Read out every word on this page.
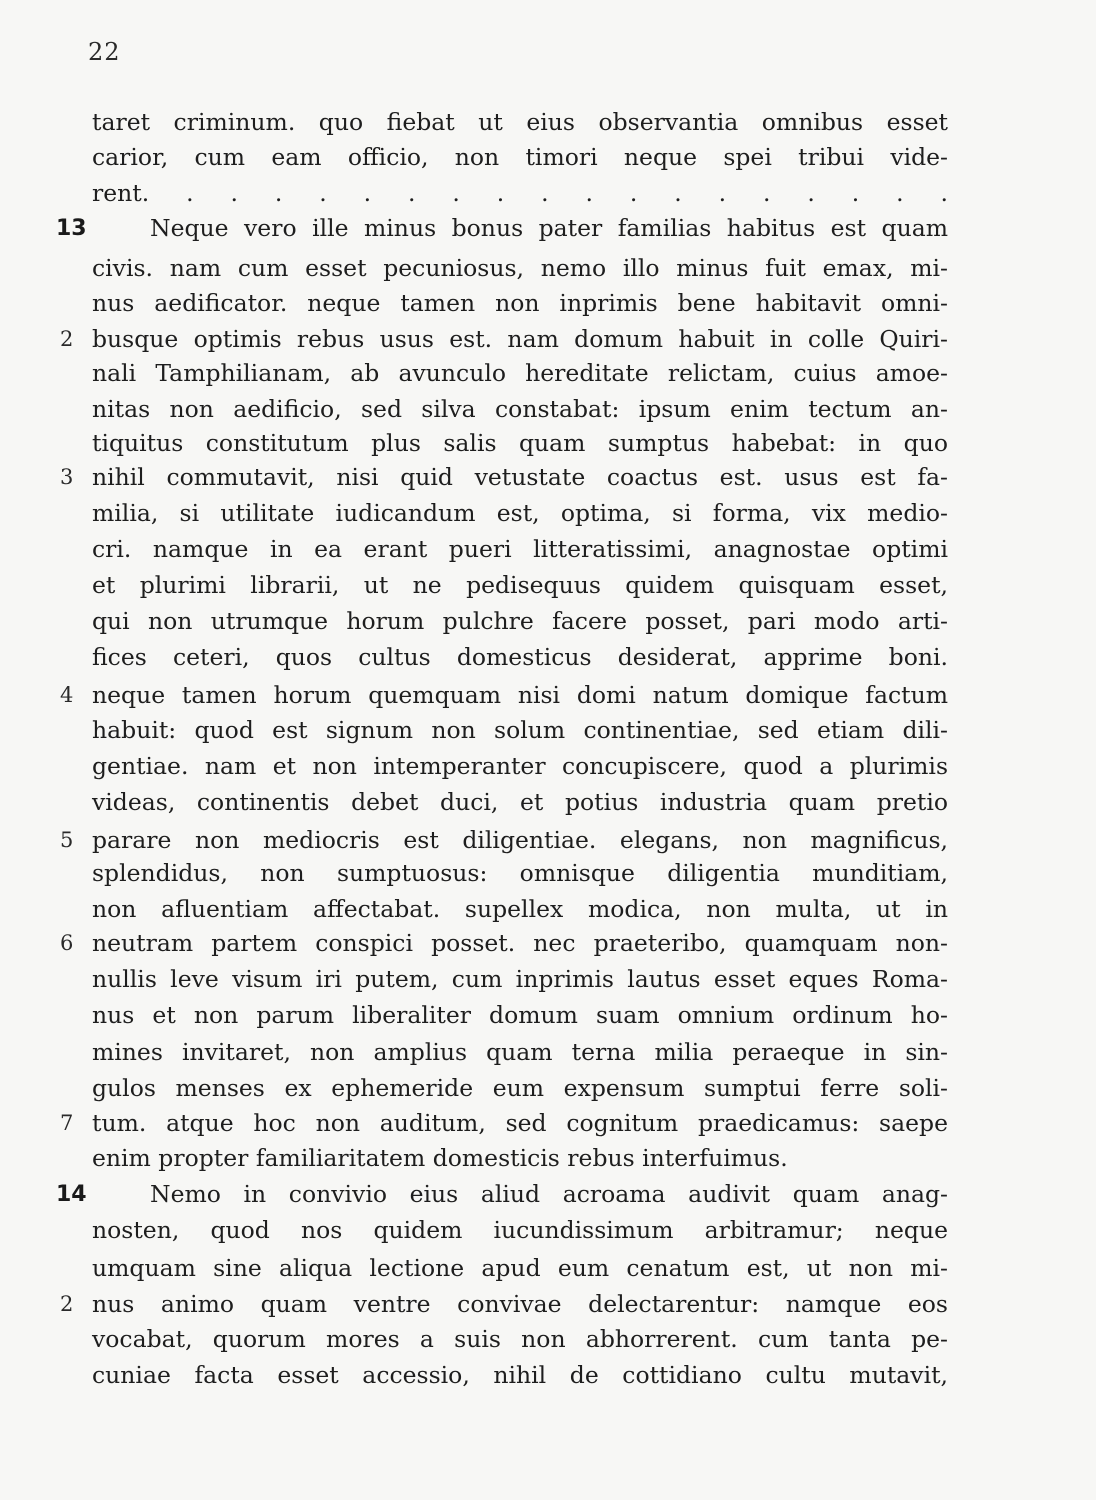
22
13
14
2
3
4
5
6
7
2
taret criminum. quo fiebat ut eius observantia omnibus esset
carior, cum eam officio, non timori neque spei tribui vide-
rent. . . . . . . . . . . . . . . . . . .
Neque vero ille minus bonus pater familias habitus est quam
civis. nam cum esset pecuniosus, nemo illo minus fuit emax, mi-
nus aedificator. neque tamen non inprimis bene habitavit omni-
busque optimis rebus usus est. nam domum habuit in colle Quiri-
nali Tamphilianam, ab avunculo hereditate relictam, cuius amoe-
nitas non aedificio, sed silva constabat: ipsum enim tectum an-
tiquitus constitutum plus salis quam sumptus habebat: in quo
nihil commutavit, nisi quid vetustate coactus est. usus est fa-
milia, si utilitate iudicandum est, optima, si forma, vix medio-
cri. namque in ea erant pueri litteratissimi, anagnostae optimi
et plurimi librarii, ut ne pedisequus quidem quisquam esset,
qui non utrumque horum pulchre facere posset, pari modo arti-
fices ceteri, quos cultus domesticus desiderat, apprime boni.
neque tamen horum quemquam nisi domi natum domique factum
habuit: quod est signum non solum continentiae, sed etiam dili-
gentiae. nam et non intemperanter concupiscere, quod a plurimis
videas, continentis debet duci, et potius industria quam pretio
parare non mediocris est diligentiae. elegans, non magnificus,
splendidus, non sumptuosus: omnisque diligentia munditiam,
non afluentiam affectabat. supellex modica, non multa, ut in
neutram partem conspici posset. nec praeteribo, quamquam non-
nullis leve visum iri putem, cum inprimis lautus esset eques Roma-
nus et non parum liberaliter domum suam omnium ordinum ho-
mines invitaret, non amplius quam terna milia peraeque in sin-
gulos menses ex ephemeride eum expensum sumptui ferre soli-
tum. atque hoc non auditum, sed cognitum praedicamus: saepe
enim propter familiaritatem domesticis rebus interfuimus.
Nemo in convivio eius aliud acroama audivit quam anag-
nosten, quod nos quidem iucundissimum arbitramur; neque
umquam sine aliqua lectione apud eum cenatum est, ut non mi-
nus animo quam ventre convivae delectarentur: namque eos
vocabat, quorum mores a suis non abhorrerent. cum tanta pe-
cuniae facta esset accessio, nihil de cottidiano cultu mutavit,
